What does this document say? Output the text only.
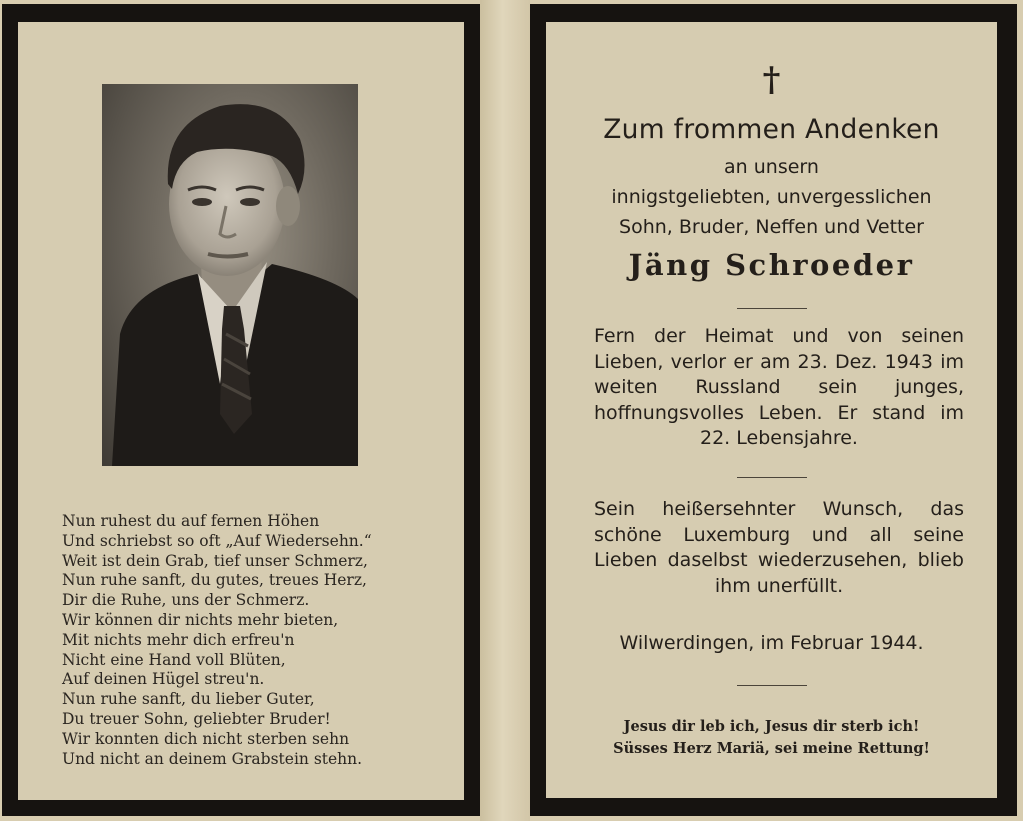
Nun ruhest du auf fernen Höhen
Und schriebst so oft „Auf Wiedersehn.“
Weit ist dein Grab, tief unser Schmerz,
Nun ruhe sanft, du gutes, treues Herz,
Dir die Ruhe, uns der Schmerz.
Wir können dir nichts mehr bieten,
Mit nichts mehr dich erfreu'n
Nicht eine Hand voll Blüten,
Auf deinen Hügel streu'n.
Nun ruhe sanft, du lieber Guter,
Du treuer Sohn, geliebter Bruder!
Wir konnten dich nicht sterben sehn
Und nicht an deinem Grabstein stehn.

†

Zum frommen Andenken

an unsern

innigstgeliebten, unvergesslichen

Sohn, Bruder, Neffen und Vetter

Jäng Schroeder

Fern der Heimat und von seinen Lieben, verlor er am 23. Dez. 1943 im weiten Russland sein junges, hoffnungsvolles Leben. Er stand im 22. Lebensjahre.

Sein heißersehnter Wunsch, das schöne Luxemburg und all seine Lieben daselbst wiederzusehen, blieb ihm unerfüllt.

Wilwerdingen, im Februar 1944.

Jesus dir leb ich, Jesus dir sterb ich!

Süsses Herz Mariä, sei meine Rettung!
